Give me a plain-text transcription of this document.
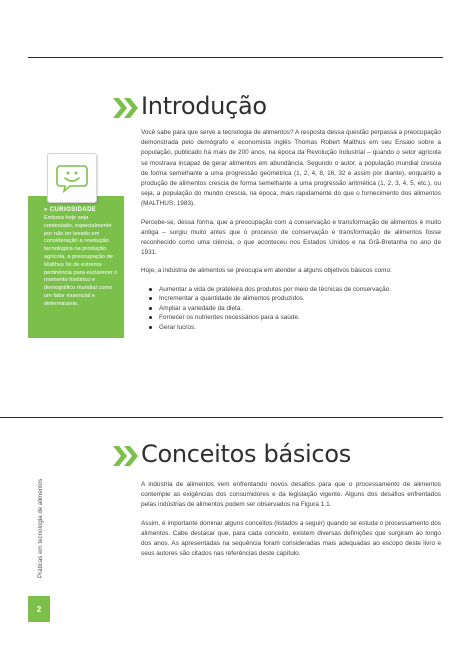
Introdução

Você sabe para que serve a tecnologia de alimentos? A resposta dessa questão perpassa a preocupação demonstrada pelo demógrafo e economista inglês Thomas Robert Malthus em seu Ensaio sobre a população, publicado há mais de 200 anos, na época da Revolução Industrial – quando o setor agrícola se mostrava incapaz de gerar alimentos em abundância. Segundo o autor, a população mundial crescia de forma semelhante a uma progressão geométrica (1, 2, 4, 8, 16, 32 e assim por diante), enquanto a produção de alimentos crescia de forma semelhante a uma progressão aritmética (1, 2, 3, 4, 5, etc.), ou seja, a população do mundo crescia, na época, mais rapidamente do que o fornecimento dos alimentos (MALTHUS, 1983).

Percebe-se, dessa forma, que a preocupação com a conservação e transformação de alimentos é muito antiga – surgiu muito antes que o processo de conservação e transformação de alimentos fosse reconhecido como uma ciência, o que aconteceu nos Estados Unidos e na Grã-Bretanha no ano de 1931.

Hoje, a indústria de alimentos se preocupa em atender a alguns objetivos básicos como:

Aumentar a vida de prateleira dos produtos por meio de técnicas de conservação.
Incrementar a quantidade de alimentos produzidos.
Ampliar a variedade da dieta.
Fornecer os nutrientes necessários para a saúde.
Gerar lucros.
» CURIOSIDADE
Embora hoje seja contestado, especialmente por não ter levado em consideração a revolução tecnológica na produção agrícola, a preocupação de Malthus foi de extrema pertinência para esclarecer o momento histórico e demográfico mundial como um fator essencial e determinante.
Conceitos básicos

A indústria de alimentos vem enfrentando novos desafios para que o processamento de alimentos contemple as exigências dos consumidores e da legislação vigente. Alguns dos desafios enfrentados pelas indústrias de alimentos podem ser observados na Figura 1.1.

Assim, é importante dominar alguns conceitos (listados a seguir) quando se estuda o processamento dos alimentos. Cabe destacar que, para cada conceito, existem diversas definições que surgiram ao longo dos anos. As apresentadas na sequência foram consideradas mais adequadas ao escopo deste livro e seus autores são citados nas referências deste capítulo.

Práticas em tecnologia de alimentos
2
